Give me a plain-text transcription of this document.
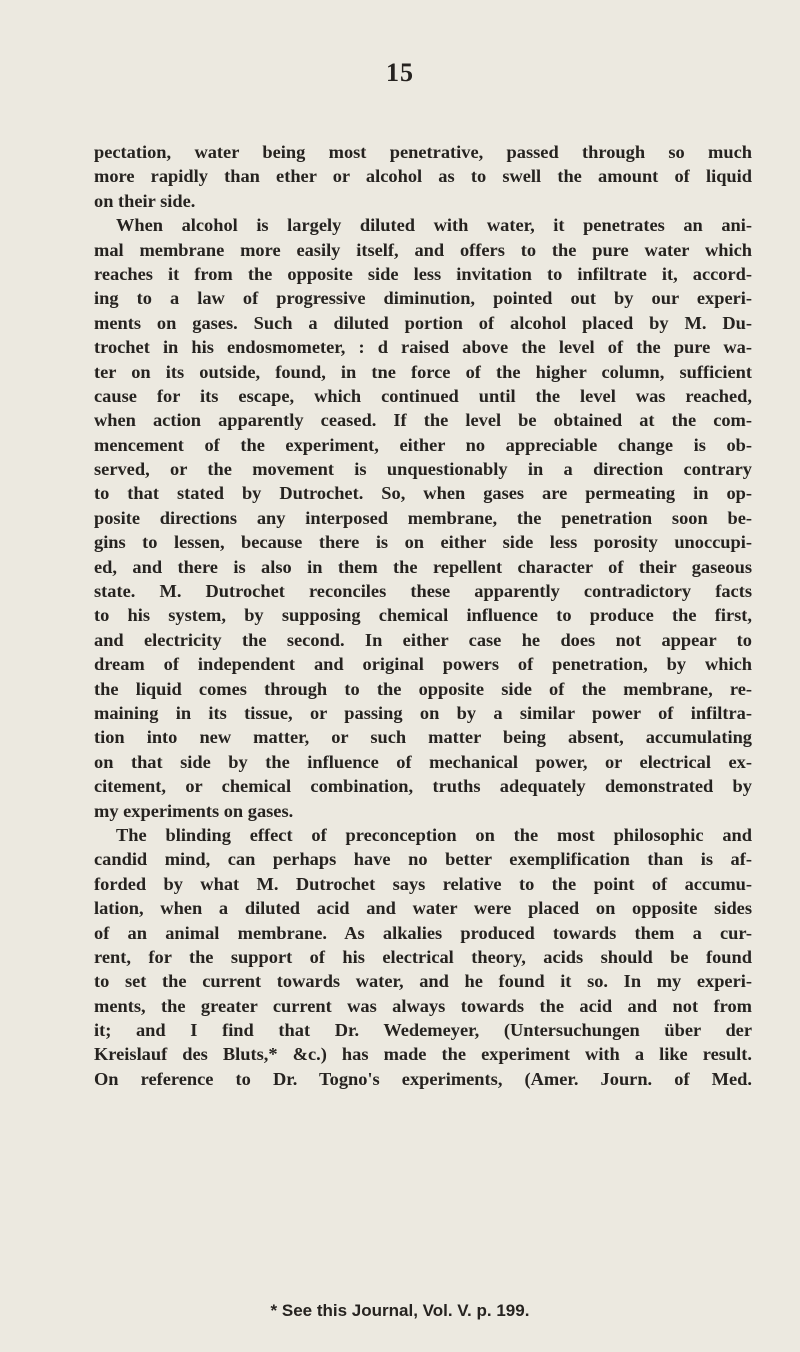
15
pectation, water being most penetrative, passed through so much
more rapidly than ether or alcohol as to swell the amount of liquid
on their side.
When alcohol is largely diluted with water, it penetrates an ani-
mal membrane more easily itself, and offers to the pure water which
reaches it from the opposite side less invitation to infiltrate it, accord-
ing to a law of progressive diminution, pointed out by our experi-
ments on gases. Such a diluted portion of alcohol placed by M. Du-
trochet in his endosmometer, : d raised above the level of the pure wa-
ter on its outside, found, in tne force of the higher column, sufficient
cause for its escape, which continued until the level was reached,
when action apparently ceased. If the level be obtained at the com-
mencement of the experiment, either no appreciable change is ob-
served, or the movement is unquestionably in a direction contrary
to that stated by Dutrochet. So, when gases are permeating in op-
posite directions any interposed membrane, the penetration soon be-
gins to lessen, because there is on either side less porosity unoccupi-
ed, and there is also in them the repellent character of their gaseous
state. M. Dutrochet reconciles these apparently contradictory facts
to his system, by supposing chemical influence to produce the first,
and electricity the second. In either case he does not appear to
dream of independent and original powers of penetration, by which
the liquid comes through to the opposite side of the membrane, re-
maining in its tissue, or passing on by a similar power of infiltra-
tion into new matter, or such matter being absent, accumulating
on that side by the influence of mechanical power, or electrical ex-
citement, or chemical combination, truths adequately demonstrated by
my experiments on gases.
The blinding effect of preconception on the most philosophic and
candid mind, can perhaps have no better exemplification than is af-
forded by what M. Dutrochet says relative to the point of accumu-
lation, when a diluted acid and water were placed on opposite sides
of an animal membrane. As alkalies produced towards them a cur-
rent, for the support of his electrical theory, acids should be found
to set the current towards water, and he found it so. In my experi-
ments, the greater current was always towards the acid and not from
it; and I find that Dr. Wedemeyer, (Untersuchungen über der
Kreislauf des Bluts,* &c.) has made the experiment with a like result.
On reference to Dr. Togno's experiments, (Amer. Journ. of Med.
* See this Journal, Vol. V. p. 199.
